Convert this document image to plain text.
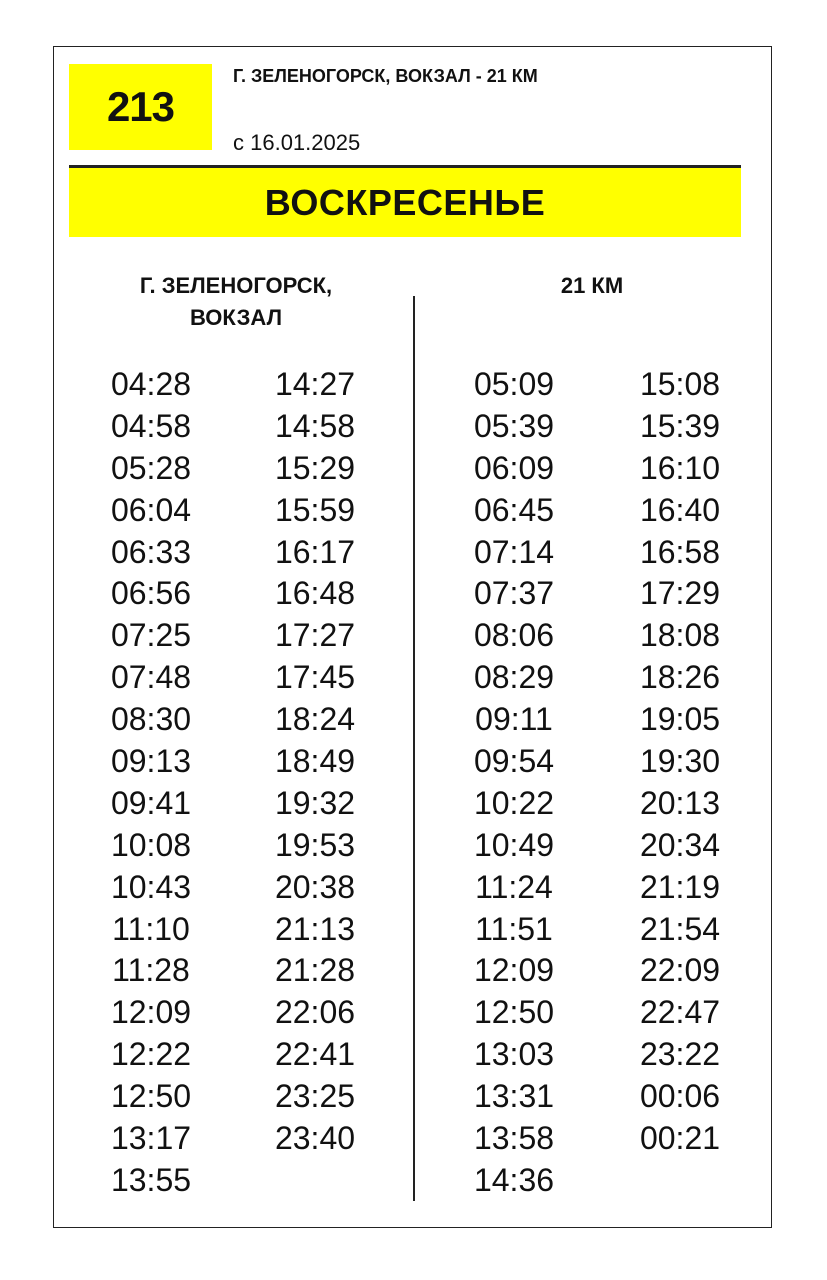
213
Г. ЗЕЛЕНОГОРСК, ВОКЗАЛ - 21 КМ
с 16.01.2025
ВОСКРЕСЕНЬЕ
Г. ЗЕЛЕНОГОРСК, ВОКЗАЛ
21 КМ
04:28
04:58
05:28
06:04
06:33
06:56
07:25
07:48
08:30
09:13
09:41
10:08
10:43
11:10
11:28
12:09
12:22
12:50
13:17
13:55
14:27
14:58
15:29
15:59
16:17
16:48
17:27
17:45
18:24
18:49
19:32
19:53
20:38
21:13
21:28
22:06
22:41
23:25
23:40
05:09
05:39
06:09
06:45
07:14
07:37
08:06
08:29
09:11
09:54
10:22
10:49
11:24
11:51
12:09
12:50
13:03
13:31
13:58
14:36
15:08
15:39
16:10
16:40
16:58
17:29
18:08
18:26
19:05
19:30
20:13
20:34
21:19
21:54
22:09
22:47
23:22
00:06
00:21
